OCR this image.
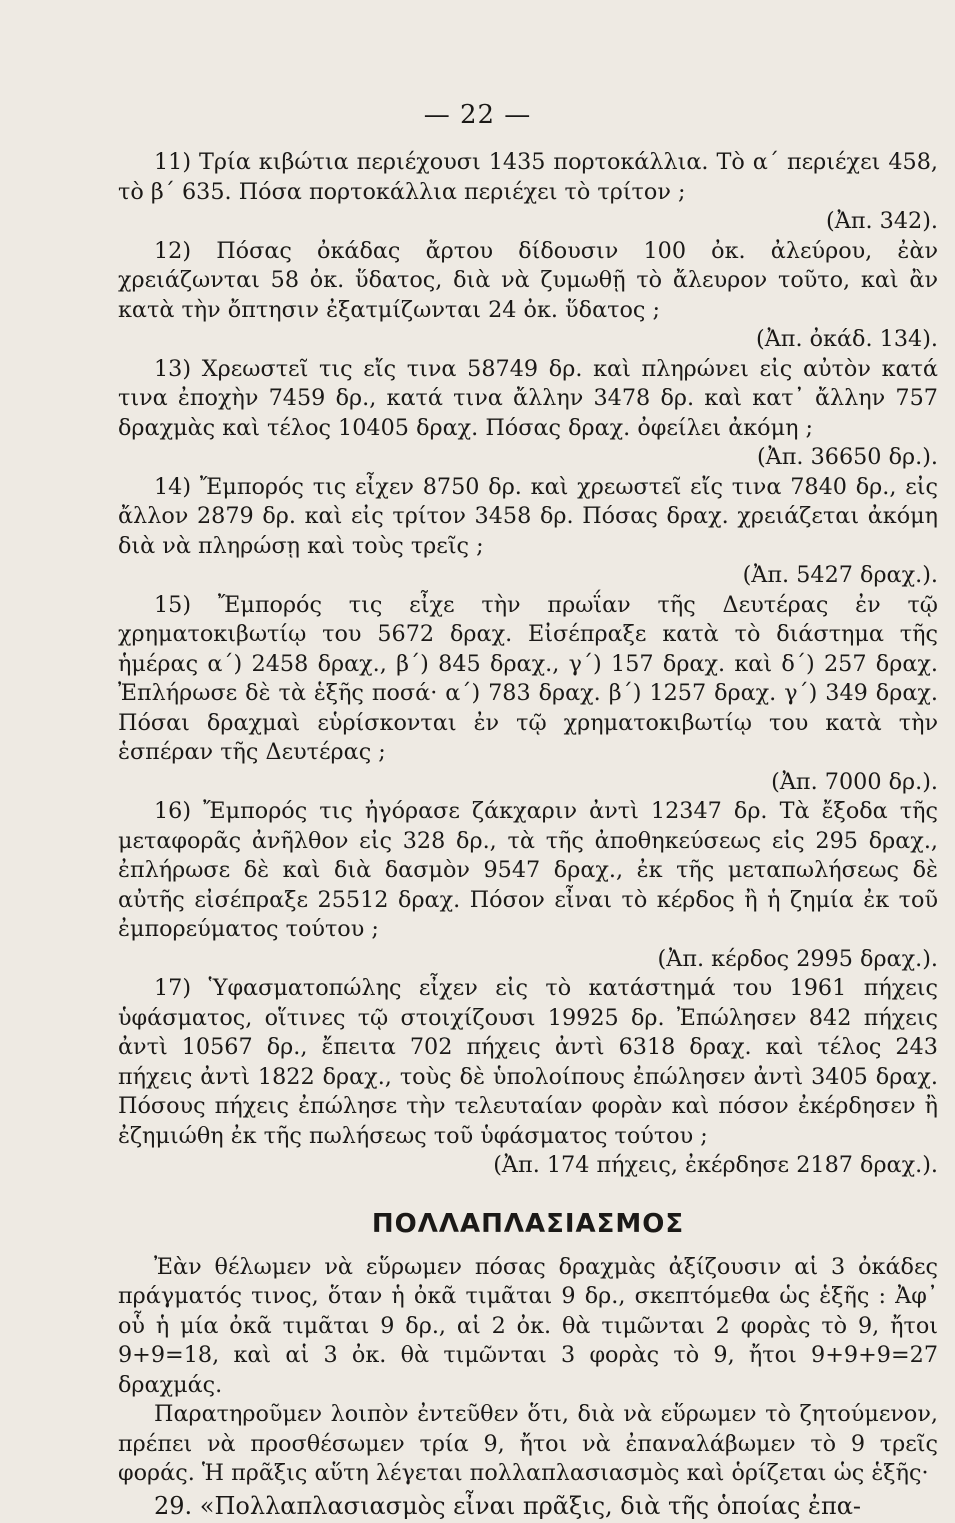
— 22 —

11) Τρία κιβώτια περιέχουσι 1435 πορτοκάλλια. Τὸ α´ περιέχει 458, τὸ β´ 635. Πόσα πορτοκάλλια περιέχει τὸ τρίτον ;

(Ἀπ. 342).

12) Πόσας ὀκάδας ἄρτου δίδουσιν 100 ὀκ. ἀλεύρου, ἐὰν χρειάζωνται 58 ὀκ. ὕδατος, διὰ νὰ ζυμωθῇ τὸ ἄλευρον τοῦτο, καὶ ἂν κατὰ τὴν ὄπτησιν ἐξατμίζωνται 24 ὀκ. ὕδατος ;

(Ἀπ. ὀκάδ. 134).

13) Χρεωστεῖ τις εἴς τινα 58749 δρ. καὶ πληρώνει εἰς αὐτὸν κατά τινα ἐποχὴν 7459 δρ., κατά τινα ἄλλην 3478 δρ. καὶ κατ᾽ ἄλλην 757 δραχμὰς καὶ τέλος 10405 δραχ. Πόσας δραχ. ὀφείλει ἀκόμη ;

(Ἀπ. 36650 δρ.).

14) Ἔμπορός τις εἶχεν 8750 δρ. καὶ χρεωστεῖ εἴς τινα 7840 δρ., εἰς ἄλλον 2879 δρ. καὶ εἰς τρίτον 3458 δρ. Πόσας δραχ. χρειάζεται ἀκόμη διὰ νὰ πληρώσῃ καὶ τοὺς τρεῖς ;

(Ἀπ. 5427 δραχ.).

15) Ἔμπορός τις εἶχε τὴν πρωΐαν τῆς Δευτέρας ἐν τῷ χρηματοκιβωτίῳ του 5672 δραχ. Εἰσέπραξε κατὰ τὸ διάστημα τῆς ἡμέρας α´) 2458 δραχ., β´) 845 δραχ., γ´) 157 δραχ. καὶ δ´) 257 δραχ. Ἐπλήρωσε δὲ τὰ ἑξῆς ποσά· α´) 783 δραχ. β´) 1257 δραχ. γ´) 349 δραχ. Πόσαι δραχμαὶ εὑρίσκονται ἐν τῷ χρηματοκιβωτίῳ του κατὰ τὴν ἑσπέραν τῆς Δευτέρας ;

(Ἀπ. 7000 δρ.).

16) Ἔμπορός τις ἠγόρασε ζάκχαριν ἀντὶ 12347 δρ. Τὰ ἔξοδα τῆς μεταφορᾶς ἀνῆλθον εἰς 328 δρ., τὰ τῆς ἀποθηκεύσεως εἰς 295 δραχ., ἐπλήρωσε δὲ καὶ διὰ δασμὸν 9547 δραχ., ἐκ τῆς μεταπωλήσεως δὲ αὐτῆς εἰσέπραξε 25512 δραχ. Πόσον εἶναι τὸ κέρδος ἢ ἡ ζημία ἐκ τοῦ ἐμπορεύματος τούτου ;

(Ἀπ. κέρδος 2995 δραχ.).

17) Ὑφασματοπώλης εἶχεν εἰς τὸ κατάστημά του 1961 πήχεις ὑφάσματος, οἵτινες τῷ στοιχίζουσι 19925 δρ. Ἐπώλησεν 842 πήχεις ἀντὶ 10567 δρ., ἔπειτα 702 πήχεις ἀντὶ 6318 δραχ. καὶ τέλος 243 πήχεις ἀντὶ 1822 δραχ., τοὺς δὲ ὑπολοίπους ἐπώλησεν ἀντὶ 3405 δραχ. Πόσους πήχεις ἐπώλησε τὴν τελευταίαν φορὰν καὶ πόσον ἐκέρδησεν ἢ ἐζημιώθη ἐκ τῆς πωλήσεως τοῦ ὑφάσματος τούτου ;

(Ἀπ. 174 πήχεις, ἐκέρδησε 2187 δραχ.).

ΠΟΛΛΑΠΛΑΣΙΑΣΜΟΣ

Ἐὰν θέλωμεν νὰ εὕρωμεν πόσας δραχμὰς ἀξίζουσιν αἱ 3 ὀκάδες πράγματός τινος, ὅταν ἡ ὀκᾶ τιμᾶται 9 δρ., σκεπτόμεθα ὡς ἑξῆς : Ἀφ᾽ οὗ ἡ μία ὀκᾶ τιμᾶται 9 δρ., αἱ 2 ὀκ. θὰ τιμῶνται 2 φορὰς τὸ 9, ἤτοι 9+9=18, καὶ αἱ 3 ὀκ. θὰ τιμῶνται 3 φορὰς τὸ 9, ἤτοι 9+9+9=27 δραχμάς.

Παρατηροῦμεν λοιπὸν ἐντεῦθεν ὅτι, διὰ νὰ εὕρωμεν τὸ ζητούμενον, πρέπει νὰ προσθέσωμεν τρία 9, ἤτοι νὰ ἐπαναλάβωμεν τὸ 9 τρεῖς φοράς. Ἡ πρᾶξις αὕτη λέγεται πολλαπλασιασμὸς καὶ ὁρίζεται ὡς ἑξῆς·

29. «Πολλαπλασιασμὸς εἶναι πρᾶξις, διὰ τῆς ὁποίας ἐπα-
